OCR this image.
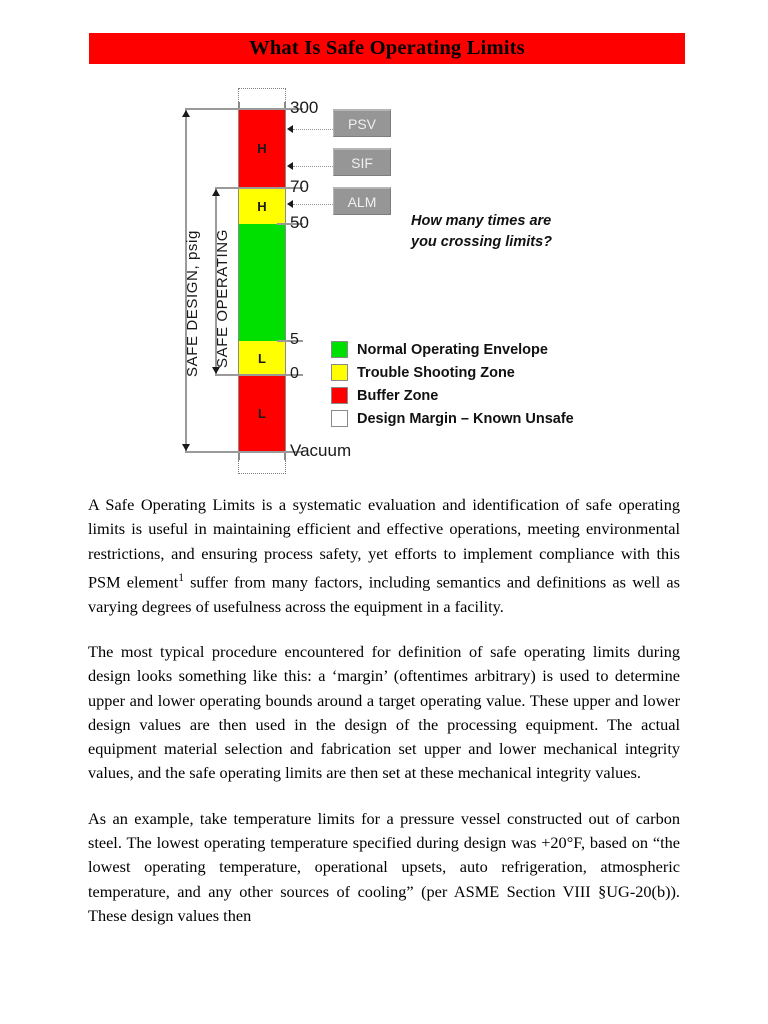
What Is Safe Operating Limits
H
H
L
L
300
70
50
5
0
Vacuum
SAFE DESIGN, psig SAFE OPERATING
PSV
SIF
ALM
How many times are
you crossing limits?
Normal Operating Envelope
Trouble Shooting Zone
Buffer Zone
Design Margin – Known Unsafe

A Safe Operating Limits is a systematic evaluation and identification of safe operating limits is useful in maintaining efficient and effective operations, meeting environmental restrictions, and ensuring process safety, yet efforts to implement compliance with this PSM element$^1$ suffer from many factors, including semantics and definitions as well as varying degrees of usefulness across the equipment in a facility.

The most typical procedure encountered for definition of safe operating limits during design looks something like this: a ‘margin’ (oftentimes arbitrary) is used to determine upper and lower operating bounds around a target operating value. These upper and lower design values are then used in the design of the processing equipment. The actual equipment material selection and fabrication set upper and lower mechanical integrity values, and the safe operating limits are then set at these mechanical integrity values.

As an example, take temperature limits for a pressure vessel constructed out of carbon steel. The lowest operating temperature specified during design was +20°F, based on “the lowest operating temperature, operational upsets, auto refrigeration, atmospheric temperature, and any other sources of cooling” (per ASME Section VIII §UG-20(b)). These design values then
